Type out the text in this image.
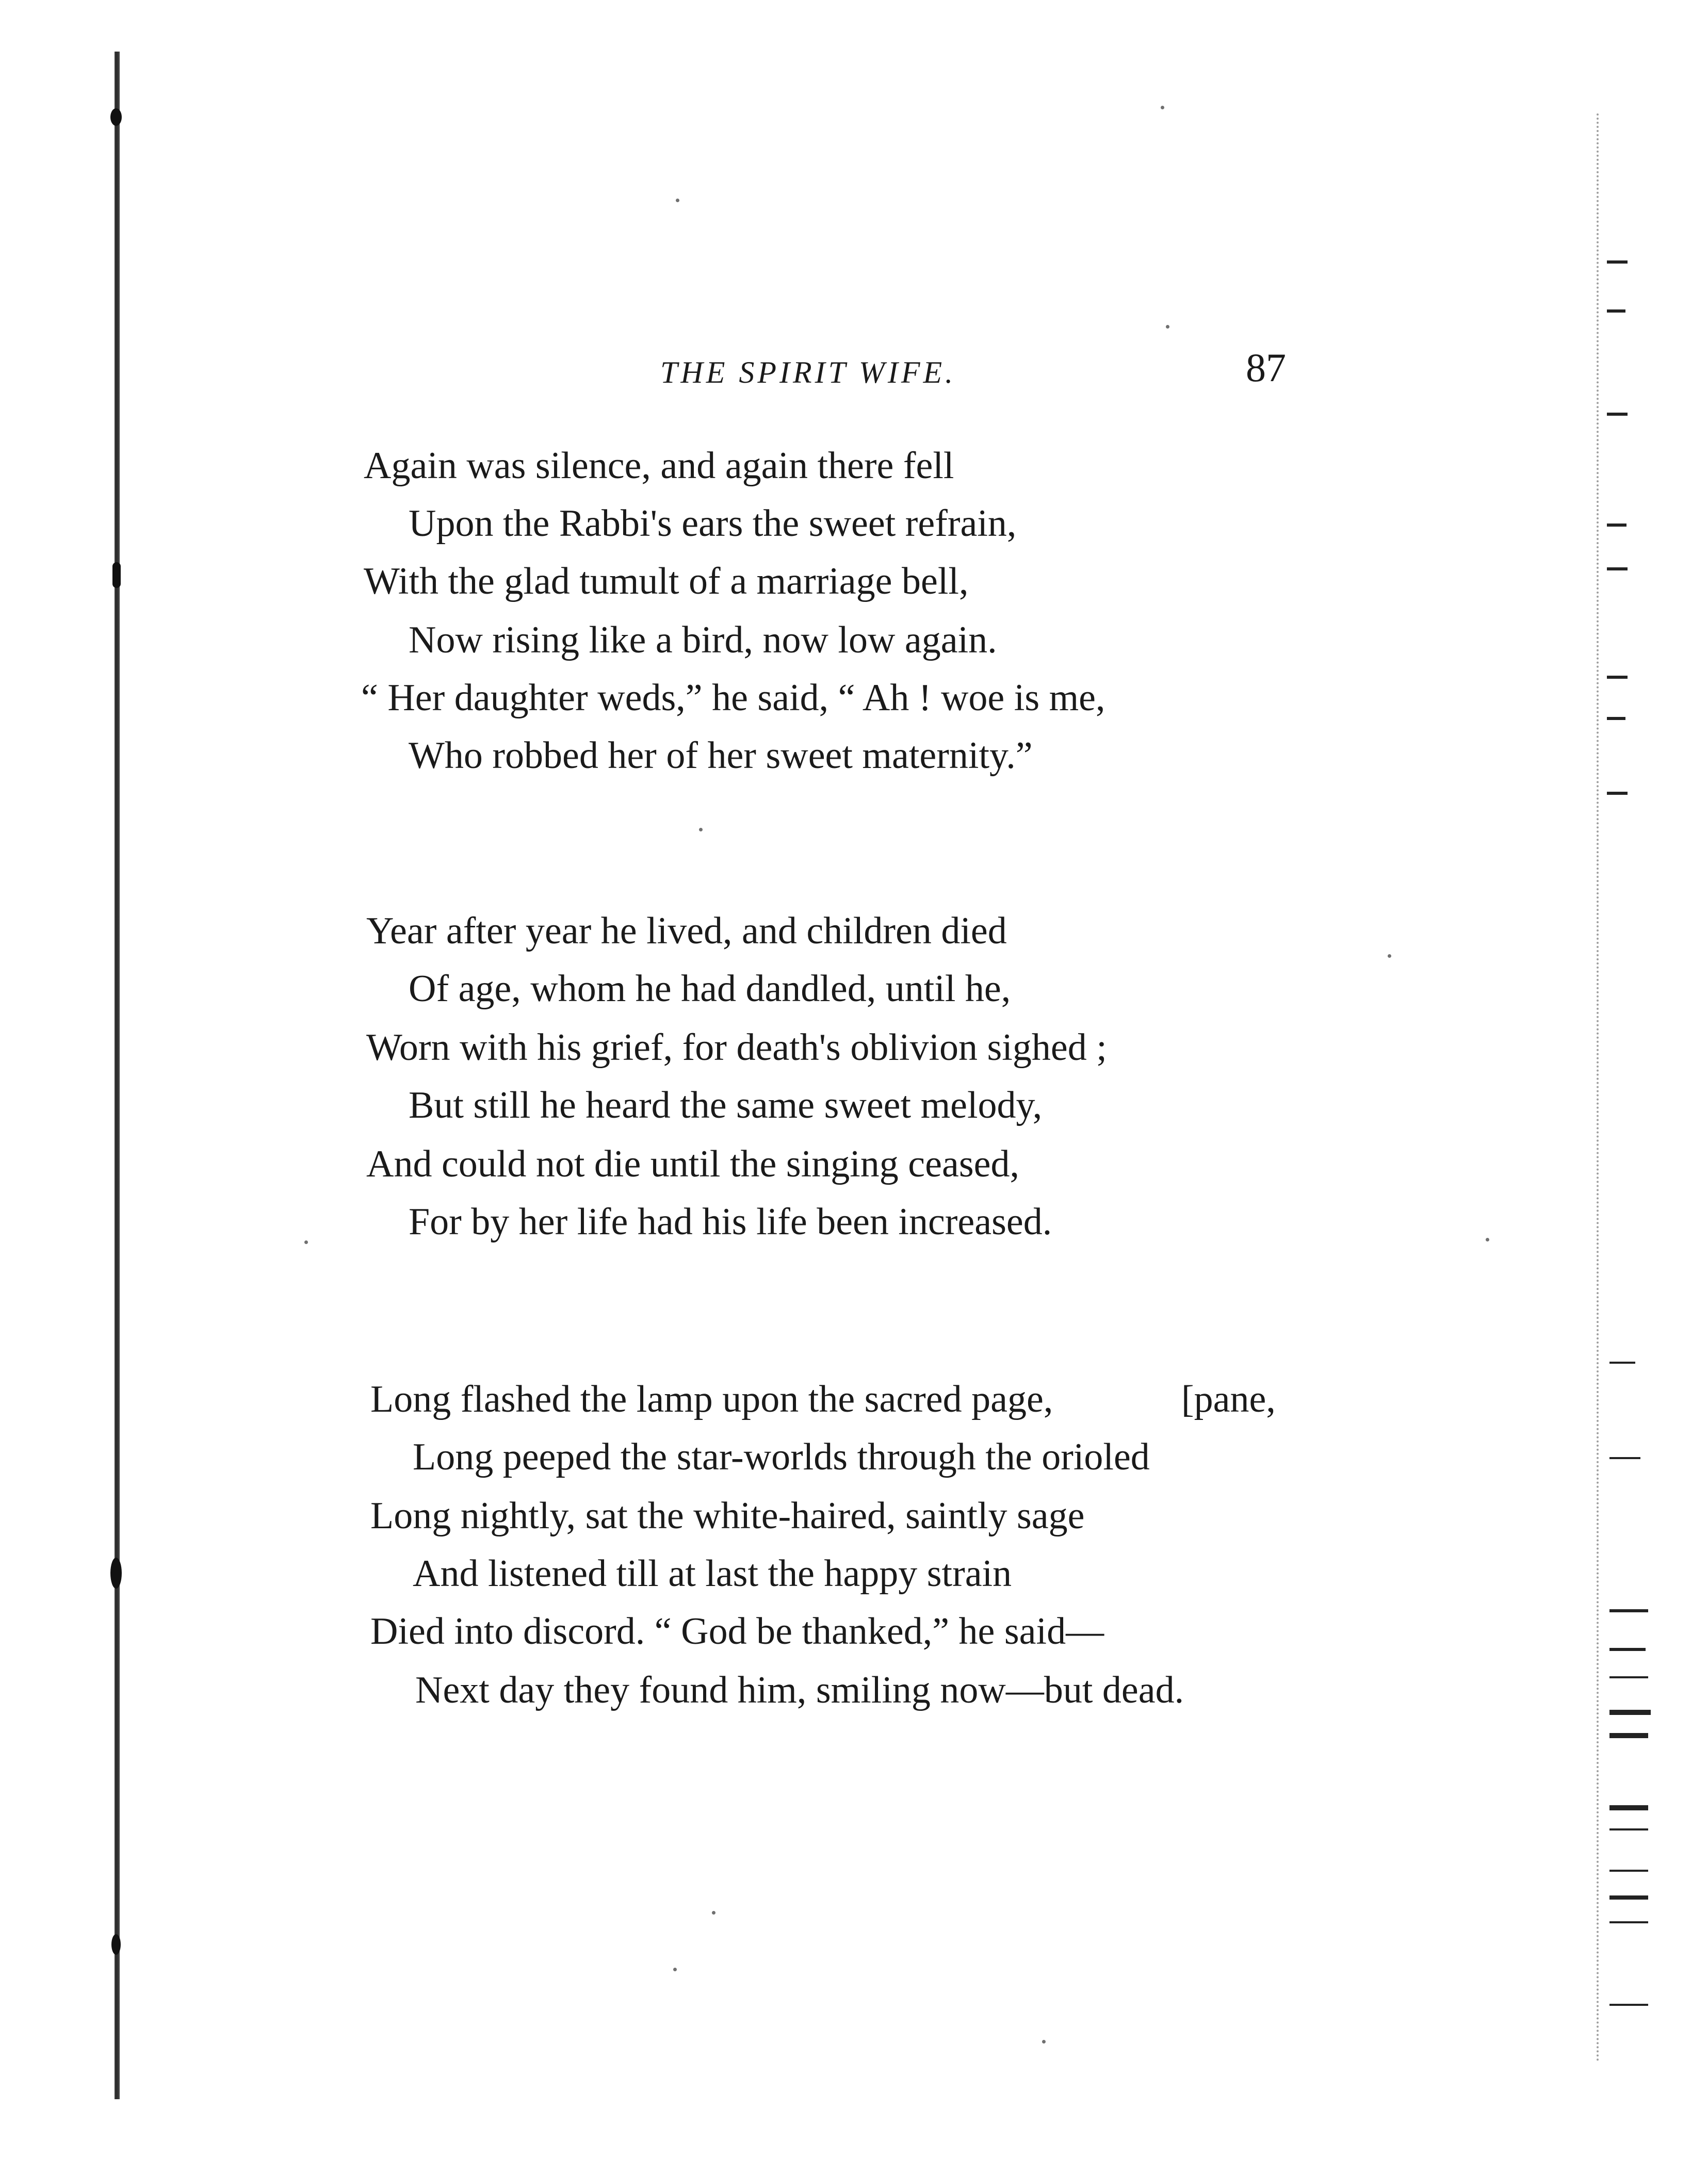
THE SPIRIT WIFE.	87
Again was silence, and again there fell
Upon the Rabbi's ears the sweet refrain,
With the glad tumult of a marriage bell,
Now rising like a bird, now low again.
“ Her daughter weds,” he said, “ Ah ! woe is me,
Who robbed her of her sweet maternity.”
Year after year he lived, and children died
Of age, whom he had dandled, until he,
Worn with his grief, for death's oblivion sighed ;
But still he heard the same sweet melody,
And could not die until the singing ceased,
For by her life had his life been increased.
Long flashed the lamp upon the sacred page,	[pane,
Long peeped the star-worlds through the orioled
Long nightly, sat the white-haired, saintly sage
And listened till at last the happy strain
Died into discord. “ God be thanked,” he said—
Next day they found him, smiling now—but dead.
